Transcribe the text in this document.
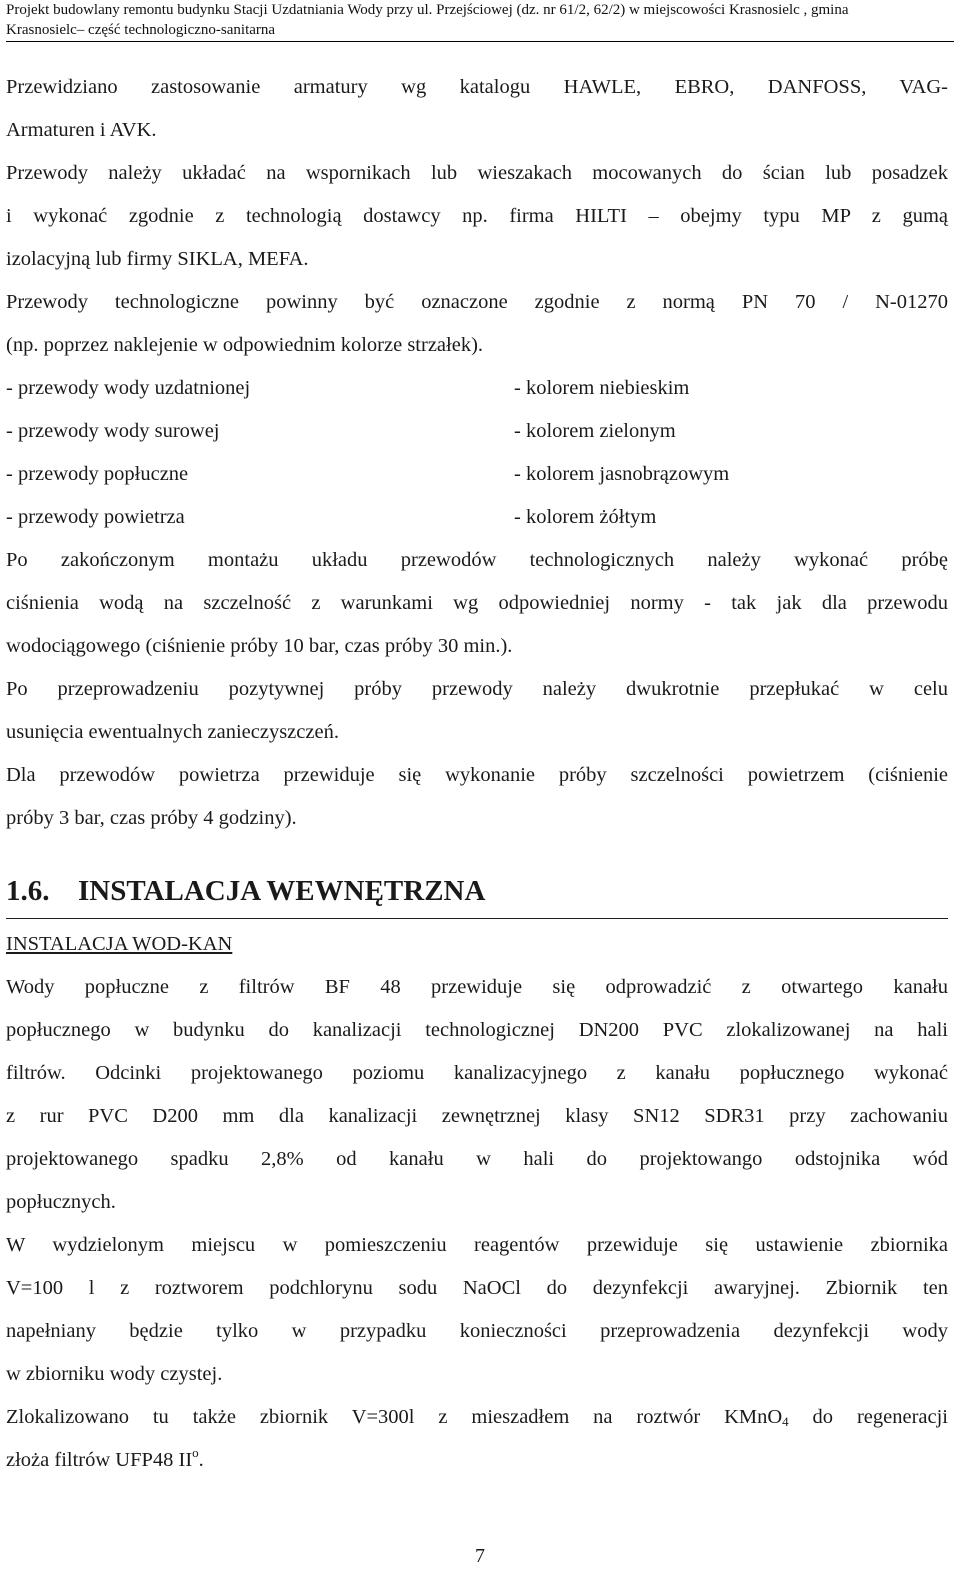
Projekt budowlany remontu budynku Stacji Uzdatniania Wody przy ul. Przejściowej (dz. nr 61/2, 62/2) w miejscowości Krasnosielc , gmina
Krasnosielc– część technologiczno-sanitarna

Przewidziano zastosowanie armatury wg katalogu HAWLE, EBRO, DANFOSS, VAG-

Armaturen i AVK.

Przewody należy układać na wspornikach lub wieszakach mocowanych do ścian lub posadzek

i wykonać zgodnie z technologią dostawcy np. firma HILTI – obejmy typu MP z gumą

izolacyjną lub firmy SIKLA, MEFA.

Przewody technologiczne powinny być oznaczone zgodnie z normą PN 70 / N-01270

(np. poprzez naklejenie w odpowiednim kolorze strzałek).

- przewody wody uzdatnionej	- kolorem niebieskim
- przewody wody surowej	- kolorem zielonym
- przewody popłuczne	- kolorem jasnobrązowym
- przewody powietrza	- kolorem żółtym

Po zakończonym montażu układu przewodów technologicznych należy wykonać próbę

ciśnienia wodą na szczelność z warunkami wg odpowiedniej normy - tak jak dla przewodu

wodociągowego (ciśnienie próby 10 bar, czas próby 30 min.).

Po przeprowadzeniu pozytywnej próby przewody należy dwukrotnie przepłukać w celu

usunięcia ewentualnych zanieczyszczeń.

Dla przewodów powietrza przewiduje się wykonanie próby szczelności powietrzem (ciśnienie

próby 3 bar, czas próby 4 godziny).

1.6. INSTALACJA WEWNĘTRZNA

INSTALACJA WOD-KAN

Wody popłuczne z filtrów BF 48 przewiduje się odprowadzić z otwartego kanału

popłucznego w budynku do kanalizacji technologicznej DN200 PVC zlokalizowanej na hali

filtrów. Odcinki projektowanego poziomu kanalizacyjnego z kanału popłucznego wykonać

z rur PVC D200 mm dla kanalizacji zewnętrznej klasy SN12 SDR31 przy zachowaniu

projektowanego spadku 2,8% od kanału w hali do projektowango odstojnika wód

popłucznych.

W wydzielonym miejscu w pomieszczeniu reagentów przewiduje się ustawienie zbiornika

V=100 l z roztworem podchlorynu sodu NaOCl do dezynfekcji awaryjnej. Zbiornik ten

napełniany będzie tylko w przypadku konieczności przeprowadzenia dezynfekcji wody

w zbiorniku wody czystej.

Zlokalizowano tu także zbiornik V=300l z mieszadłem na roztwór KMnO$_4$ do regeneracji

złoża filtrów UFP48 $II^o$.

7
